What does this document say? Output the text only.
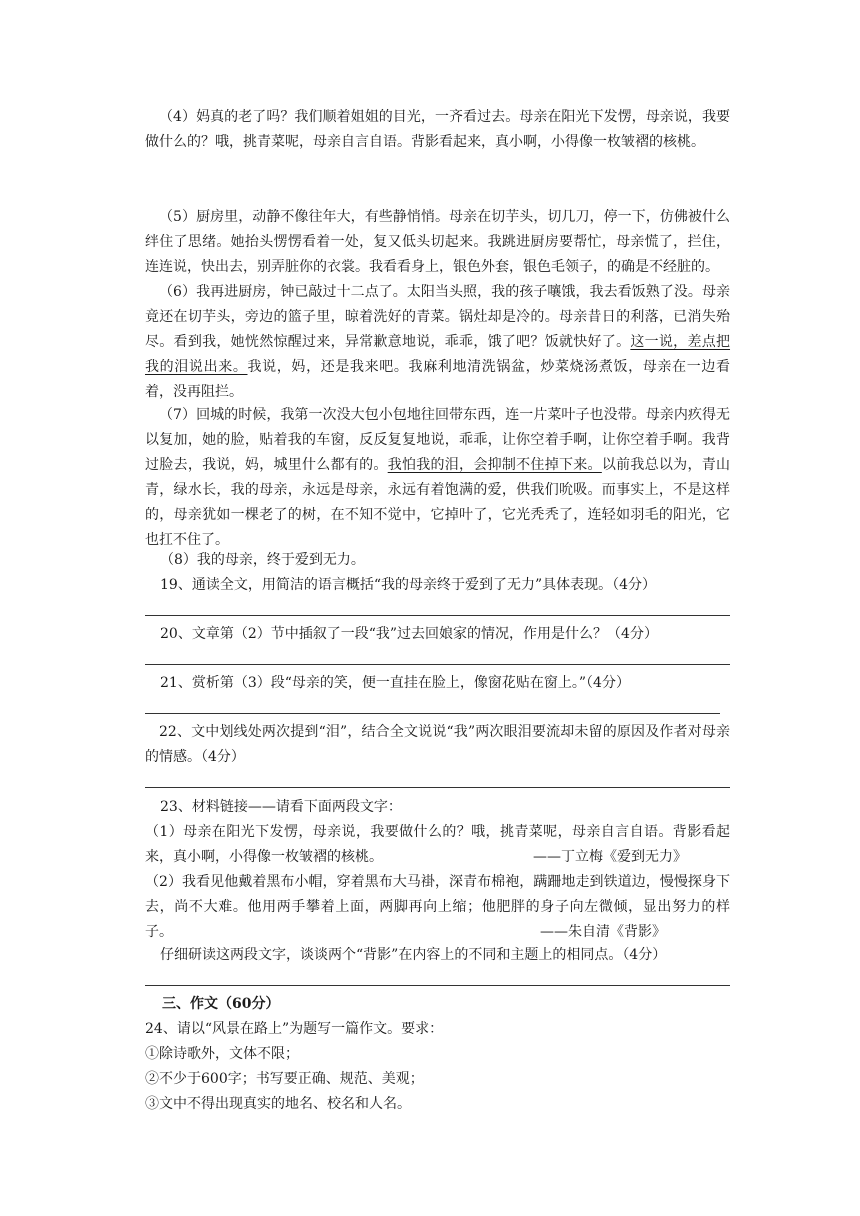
（4）妈真的老了吗？我们顺着姐姐的目光，一齐看过去。母亲在阳光下发愣，母亲说，我要做什么的？哦，挑青菜呢，母亲自言自语。背影看起来，真小啊，小得像一枚皱褶的核桃。

（5）厨房里，动静不像往年大，有些静悄悄。母亲在切芋头，切几刀，停一下，仿佛被什么绊住了思绪。她抬头愣愣看着一处，复又低头切起来。我跳进厨房要帮忙，母亲慌了，拦住，连连说，快出去，别弄脏你的衣裳。我看看身上，银色外套，银色毛领子，的确是不经脏的。

（6）我再进厨房，钟已敲过十二点了。太阳当头照，我的孩子嚷饿，我去看饭熟了没。母亲竟还在切芋头，旁边的篮子里，晾着洗好的青菜。锅灶却是冷的。母亲昔日的利落，已消失殆尽。看到我，她恍然惊醒过来，异常歉意地说，乖乖，饿了吧？饭就快好了。这一说，差点把我的泪说出来。我说，妈，还是我来吧。我麻利地清洗锅盆，炒菜烧汤煮饭，母亲在一边看着，没再阻拦。

（7）回城的时候，我第一次没大包小包地往回带东西，连一片菜叶子也没带。母亲内疚得无以复加，她的脸，贴着我的车窗，反反复复地说，乖乖，让你空着手啊，让你空着手啊。我背过脸去，我说，妈，城里什么都有的。我怕我的泪，会抑制不住掉下来。以前我总以为，青山青，绿水长，我的母亲，永远是母亲，永远有着饱满的爱，供我们吮吸。而事实上，不是这样的，母亲犹如一棵老了的树，在不知不觉中，它掉叶了，它光秃秃了，连轻如羽毛的阳光，它也扛不住了。

（8）我的母亲，终于爱到无力。

19、通读全文，用简洁的语言概括“我的母亲终于爱到了无力”具体表现。（4分）

20、文章第（2）节中插叙了一段“我”过去回娘家的情况，作用是什么？（4分）

21、赏析第（3）段“母亲的笑，便一直挂在脸上，像窗花贴在窗上。”（4分）

22、文中划线处两次提到“泪”，结合全文说说“我”两次眼泪要流却未留的原因及作者对母亲的情感。（4分）

23、材料链接——请看下面两段文字：

（1）母亲在阳光下发愣，母亲说，我要做什么的？哦，挑青菜呢，母亲自言自语。背影看起来，真小啊，小得像一枚皱褶的核桃。	——丁立梅《爱到无力》

（2）我看见他戴着黑布小帽，穿着黑布大马褂，深青布棉袍，蹒跚地走到铁道边，慢慢探身下去，尚不大难。他用两手攀着上面，两脚再向上缩；他肥胖的身子向左微倾，显出努力的样子。	——朱自清《背影》

仔细研读这两段文字，谈谈两个“背影”在内容上的不同和主题上的相同点。（4分）

三、作文（60分）

24、请以“风景在路上”为题写一篇作文。要求：

①除诗歌外，文体不限；

②不少于600字；书写要正确、规范、美观；

③文中不得出现真实的地名、校名和人名。
